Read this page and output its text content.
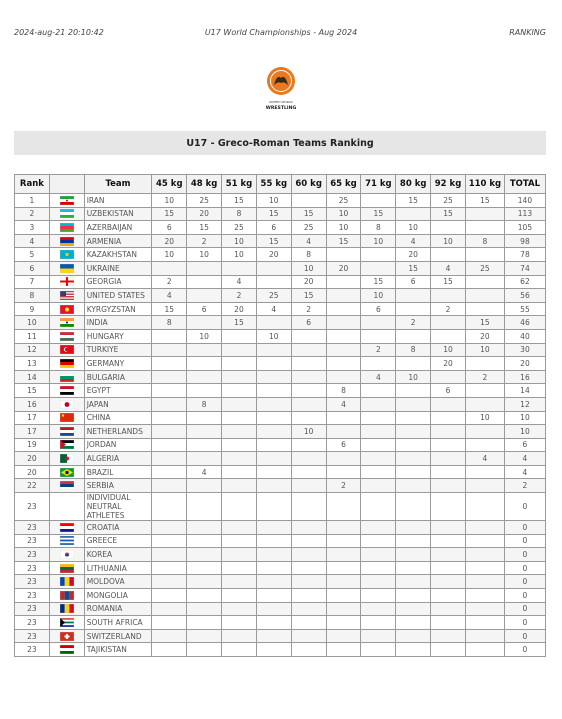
2024-aug-21 20:10:42	U17 World Championships - Aug 2024	RANKING
UNITED WORLD
WRESTLING
U17 - Greco-Roman Teams Ranking
Rank		Team	45 kg	48 kg	51 kg	55 kg	60 kg	65 kg	71 kg	80 kg	92 kg	110 kg	TOTAL
1		IRAN	10	25	15	10		25		15	25	15	140
2		UZBEKISTAN	15	20	8	15	15	10	15		15		113
3		AZERBAIJAN	6	15	25	6	25	10	8	10			105
4		ARMENIA	20	2	10	15	4	15	10	4	10	8	98
5		KAZAKHSTAN	10	10	10	20	8			20			78
6		UKRAINE					10	20		15	4	25	74
7		GEORGIA	2		4		20		15	6	15		62
8		UNITED STATES	4		2	25	15		10				56
9		KYRGYZSTAN	15	6	20	4	2		6		2		55
10		INDIA	8		15		6			2		15	46
11		HUNGARY		10		10						20	40
12		TURKIYE							2	8	10	10	30
13		GERMANY									20		20
14		BULGARIA							4	10		2	16
15		EGYPT						8			6		14
16		JAPAN		8				4					12
17		CHINA										10	10
17		NETHERLANDS					10						10
19		JORDAN						6					6
20		ALGERIA										4	4
20		BRAZIL		4									4
22		SERBIA						2					2
23		INDIVIDUAL NEUTRAL ATHLETES											0
23		CROATIA											0
23		GREECE											0
23		KOREA											0
23		LITHUANIA											0
23		MOLDOVA											0
23		MONGOLIA											0
23		ROMANIA											0
23		SOUTH AFRICA											0
23		SWITZERLAND											0
23		TAJIKISTAN											0
